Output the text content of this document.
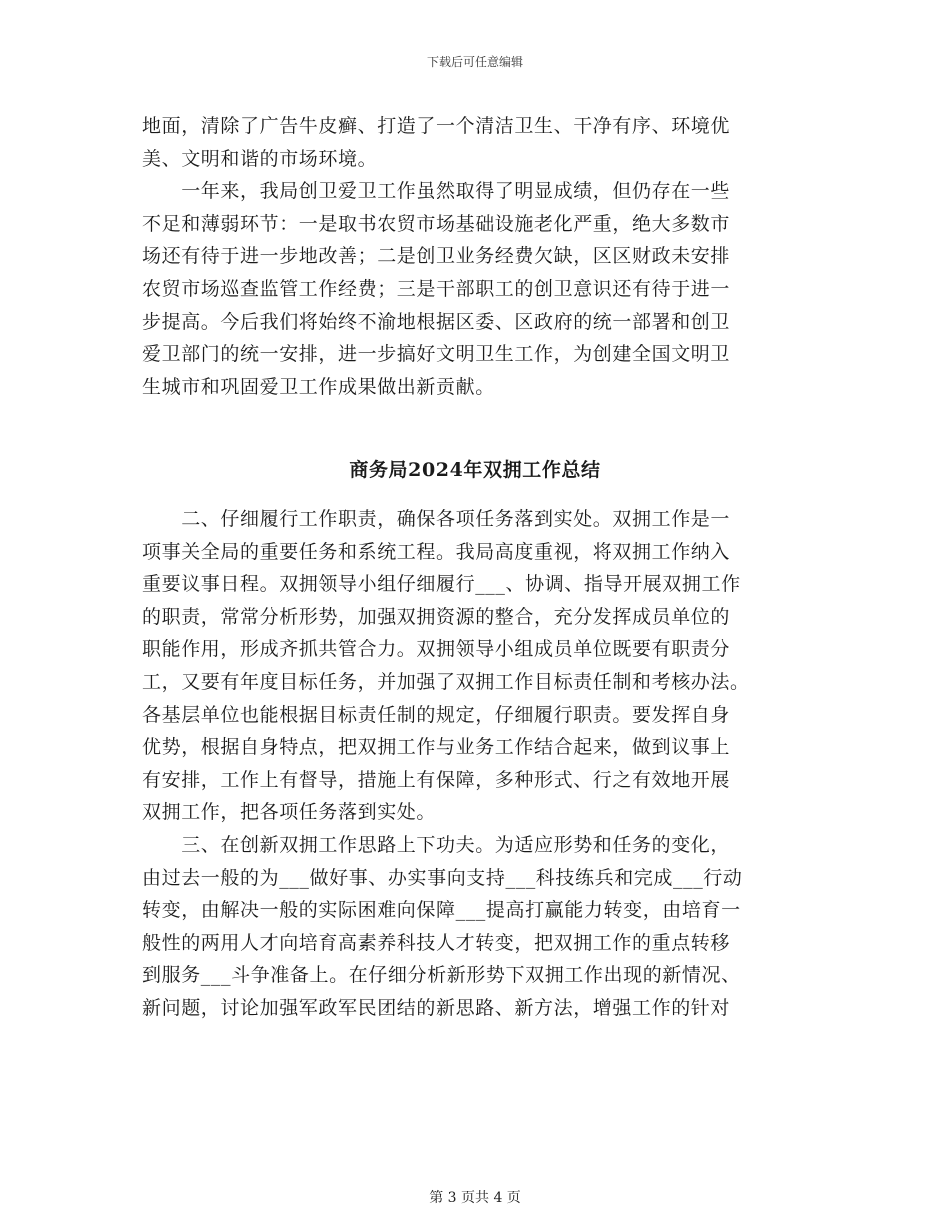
下载后可任意编辑
地面，清除了广告牛皮癣、打造了一个清洁卫生、干净有序、环境优
美、文明和谐的市场环境。
　　一年来，我局创卫爱卫工作虽然取得了明显成绩，但仍存在一些
不足和薄弱环节：一是取书农贸市场基础设施老化严重，绝大多数市
场还有待于进一步地改善；二是创卫业务经费欠缺，区区财政未安排
农贸市场巡查监管工作经费；三是干部职工的创卫意识还有待于进一
步提高。今后我们将始终不渝地根据区委、区政府的统一部署和创卫
爱卫部门的统一安排，进一步搞好文明卫生工作，为创建全国文明卫
生城市和巩固爱卫工作成果做出新贡献。
商务局2024年双拥工作总结
　　二、仔细履行工作职责，确保各项任务落到实处。双拥工作是一
项事关全局的重要任务和系统工程。我局高度重视，将双拥工作纳入
重要议事日程。双拥领导小组仔细履行___、协调、指导开展双拥工作
的职责，常常分析形势，加强双拥资源的整合，充分发挥成员单位的
职能作用，形成齐抓共管合力。双拥领导小组成员单位既要有职责分
工，又要有年度目标任务，并加强了双拥工作目标责任制和考核办法。
各基层单位也能根据目标责任制的规定，仔细履行职责。要发挥自身
优势，根据自身特点，把双拥工作与业务工作结合起来，做到议事上
有安排，工作上有督导，措施上有保障，多种形式、行之有效地开展
双拥工作，把各项任务落到实处。
　　三、在创新双拥工作思路上下功夫。为适应形势和任务的变化，
由过去一般的为___做好事、办实事向支持___科技练兵和完成___行动
转变，由解决一般的实际困难向保障___提高打赢能力转变，由培育一
般性的两用人才向培育高素养科技人才转变，把双拥工作的重点转移
到服务___斗争准备上。在仔细分析新形势下双拥工作出现的新情况、
新问题，讨论加强军政军民团结的新思路、新方法，增强工作的针对
第 3 页共 4 页
